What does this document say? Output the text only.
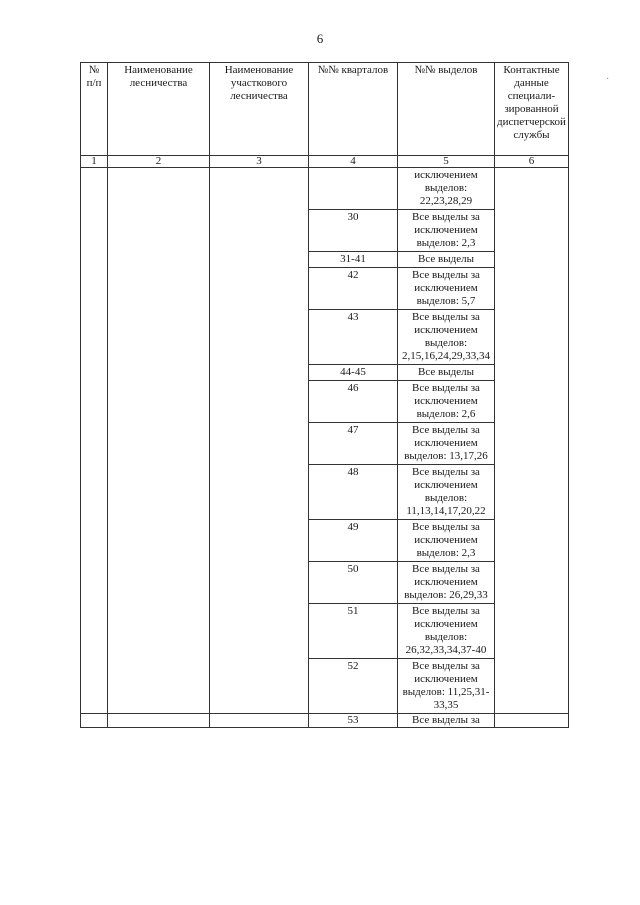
6
·
№ п/п	Наименование лесничества	Наименование участкового лесничества	№№ кварталов	№№ выделов	Контактные данные специали-зированной диспетчерской службы
1	2	3	4	5	6
				исключением выделов: 22,23,28,29	
			30	Все выделы за исключением выделов: 2,3	
			31-41	Все выделы	
			42	Все выделы за исключением выделов: 5,7	
			43	Все выделы за исключением выделов: 2,15,16,24,29,33,34	
			44-45	Все выделы	
			46	Все выделы за исключением выделов: 2,6	
			47	Все выделы за исключением выделов: 13,17,26	
			48	Все выделы за исключением выделов: 11,13,14,17,20,22	
			49	Все выделы за исключением выделов: 2,3	
			50	Все выделы за исключением выделов: 26,29,33	
			51	Все выделы за исключением выделов: 26,32,33,34,37-40	
			52	Все выделы за исключением выделов: 11,25,31-33,35	
			53	Все выделы за	
